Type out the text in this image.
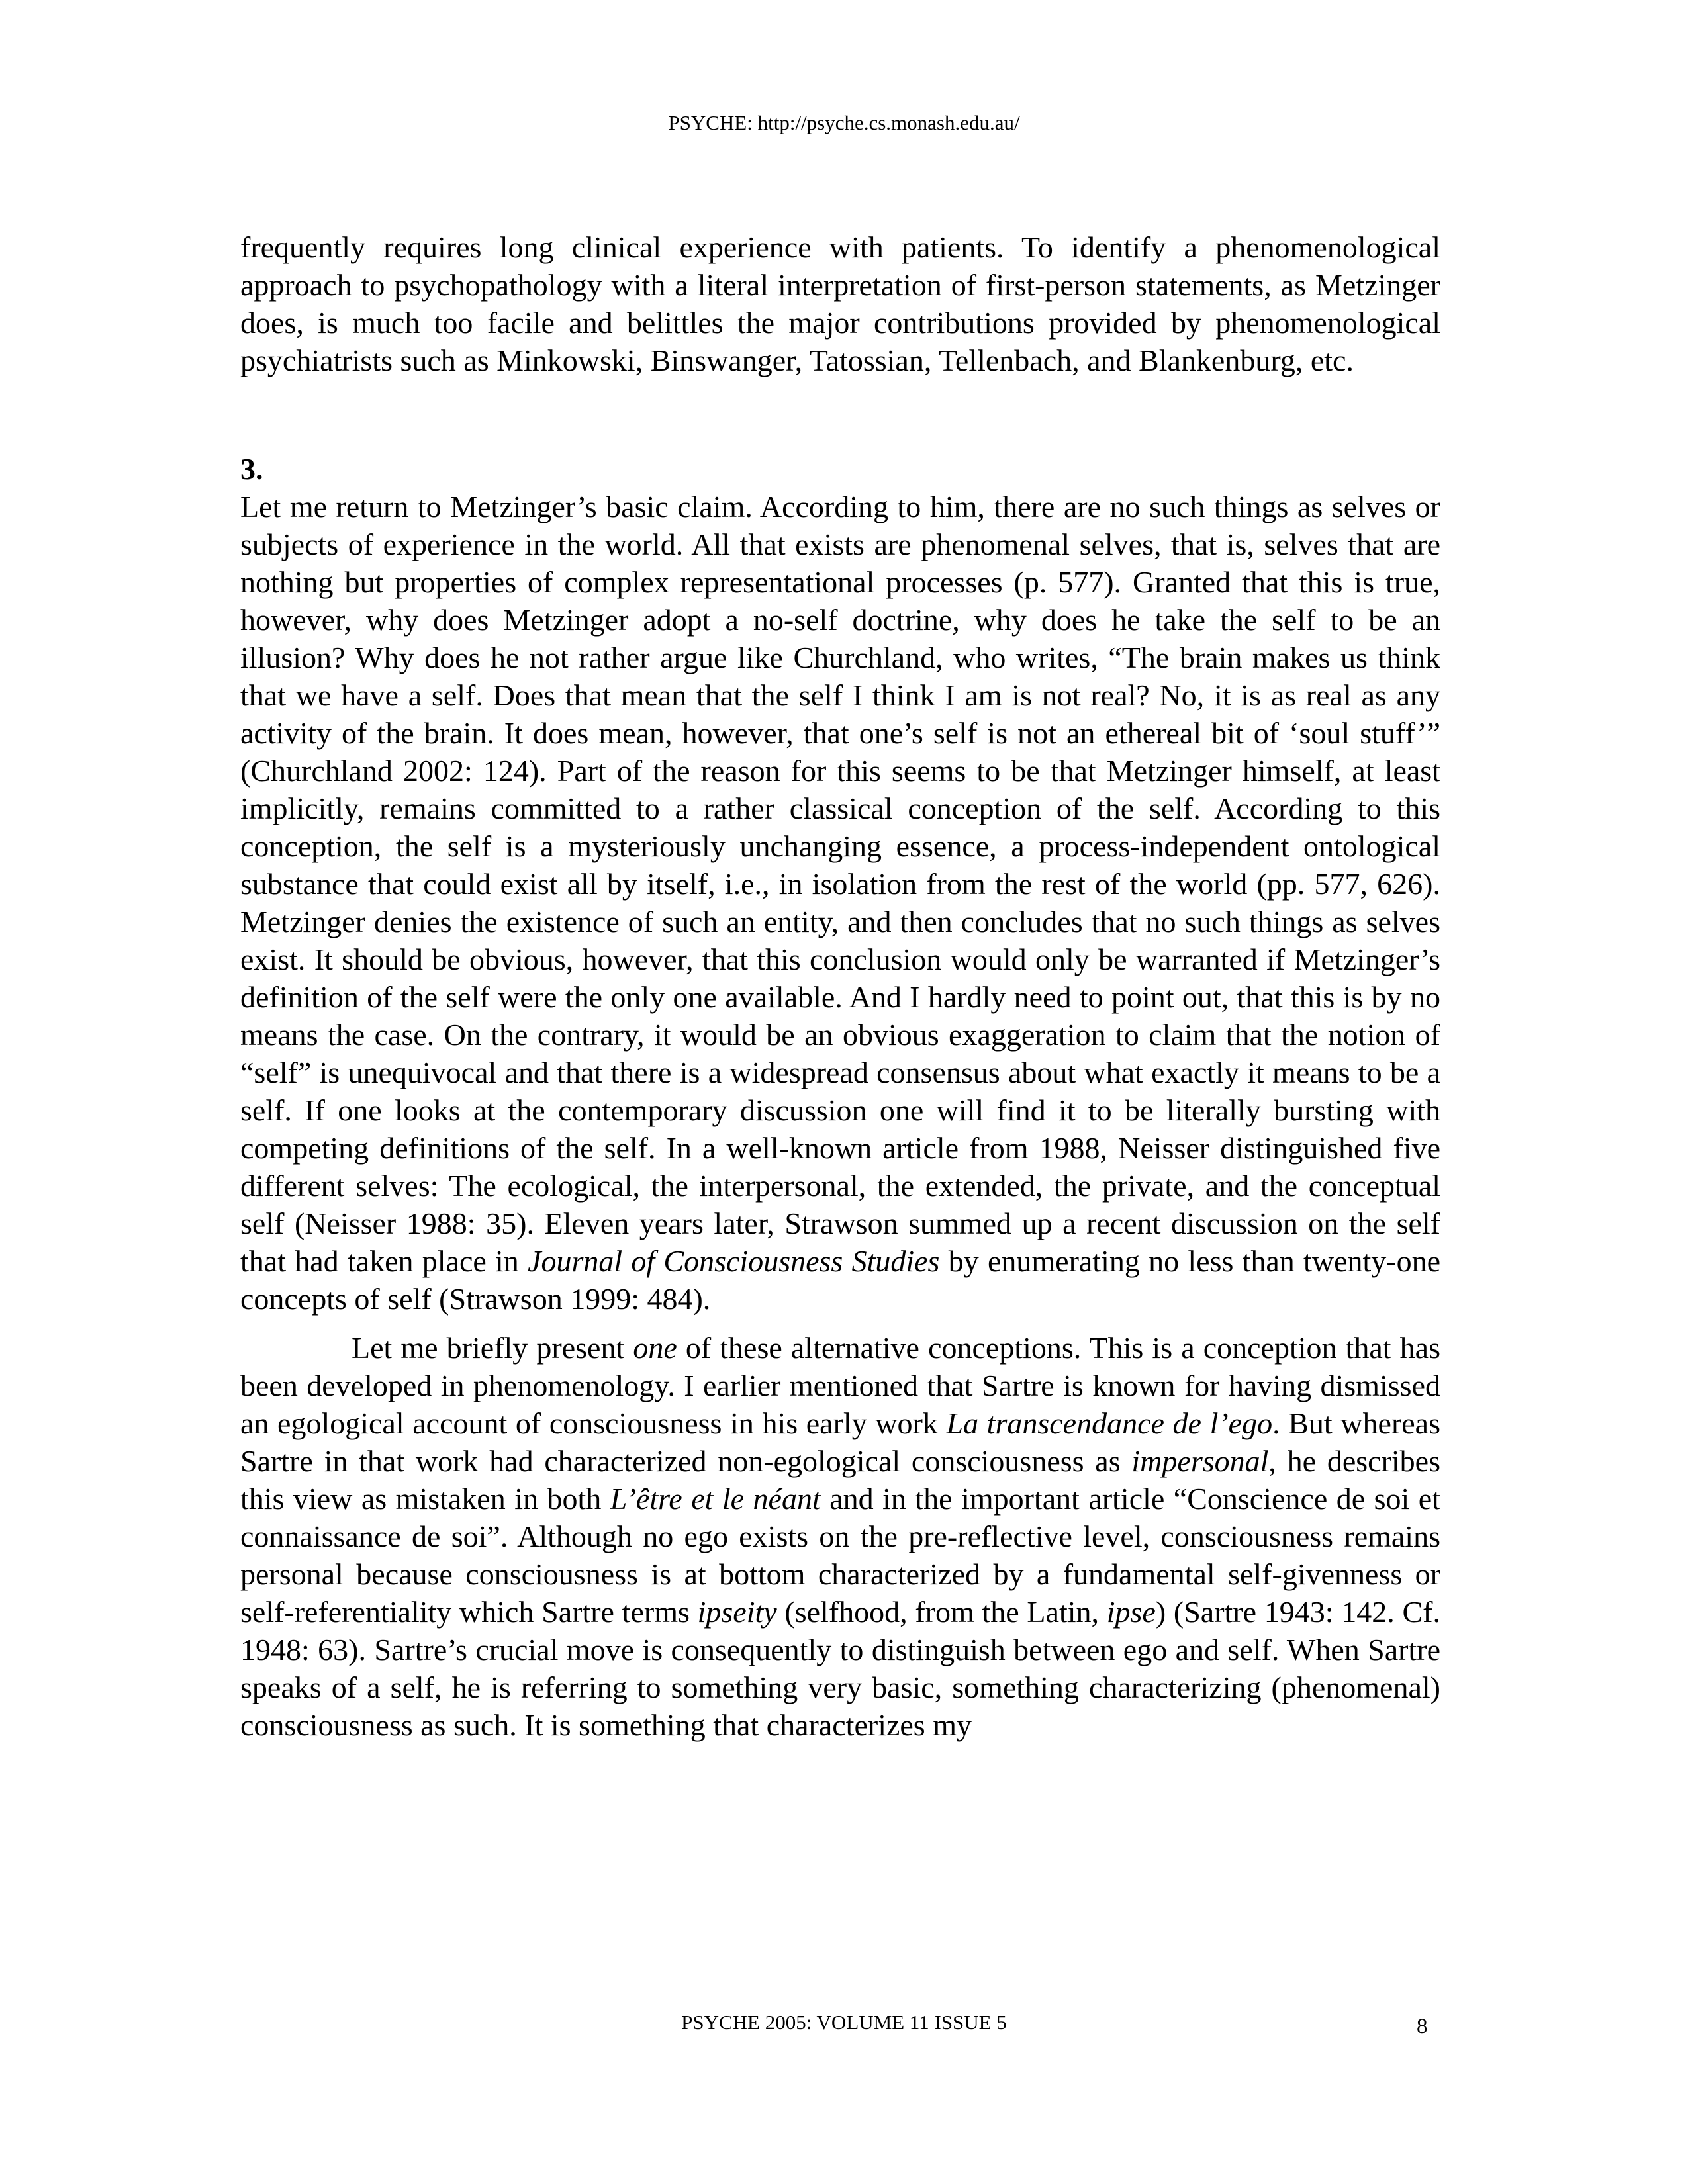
PSYCHE: http://psyche.cs.monash.edu.au/

frequently requires long clinical experience with patients. To identify a phenomenological approach to psychopathology with a literal interpretation of first-person statements, as Metzinger does, is much too facile and belittles the major contributions provided by phenomenological psychiatrists such as Minkowski, Binswanger, Tatossian, Tellenbach, and Blankenburg, etc.

3.

Let me return to Metzinger’s basic claim. According to him, there are no such things as selves or subjects of experience in the world. All that exists are phenomenal selves, that is, selves that are nothing but properties of complex representational processes (p. 577). Granted that this is true, however, why does Metzinger adopt a no-self doctrine, why does he take the self to be an illusion? Why does he not rather argue like Churchland, who writes, “The brain makes us think that we have a self. Does that mean that the self I think I am is not real? No, it is as real as any activity of the brain. It does mean, however, that one’s self is not an ethereal bit of ‘soul stuff’” (Churchland 2002: 124). Part of the reason for this seems to be that Metzinger himself, at least implicitly, remains committed to a rather classical conception of the self. According to this conception, the self is a mysteriously unchanging essence, a process-independent ontological substance that could exist all by itself, i.e., in isolation from the rest of the world (pp. 577, 626). Metzinger denies the existence of such an entity, and then concludes that no such things as selves exist. It should be obvious, however, that this conclusion would only be warranted if Metzinger’s definition of the self were the only one available. And I hardly need to point out, that this is by no means the case. On the contrary, it would be an obvious exaggeration to claim that the notion of “self” is unequivocal and that there is a widespread consensus about what exactly it means to be a self. If one looks at the contemporary discussion one will find it to be literally bursting with competing definitions of the self. In a well-known article from 1988, Neisser distinguished five different selves: The ecological, the interpersonal, the extended, the private, and the conceptual self (Neisser 1988: 35). Eleven years later, Strawson summed up a recent discussion on the self that had taken place in Journal of Consciousness Studies by enumerating no less than twenty-one concepts of self (Strawson 1999: 484).

Let me briefly present one of these alternative conceptions. This is a conception that has been developed in phenomenology. I earlier mentioned that Sartre is known for having dismissed an egological account of consciousness in his early work La transcendance de l’ego. But whereas Sartre in that work had characterized non-egological consciousness as impersonal, he describes this view as mistaken in both L’être et le néant and in the important article “Conscience de soi et connaissance de soi”. Although no ego exists on the pre-reflective level, consciousness remains personal because consciousness is at bottom characterized by a fundamental self-givenness or self-referentiality which Sartre terms ipseity (selfhood, from the Latin, ipse) (Sartre 1943: 142. Cf. 1948: 63). Sartre’s crucial move is consequently to distinguish between ego and self. When Sartre speaks of a self, he is referring to something very basic, something characterizing (phenomenal) consciousness as such. It is something that characterizes my

PSYCHE 2005: VOLUME 11 ISSUE 5	8
